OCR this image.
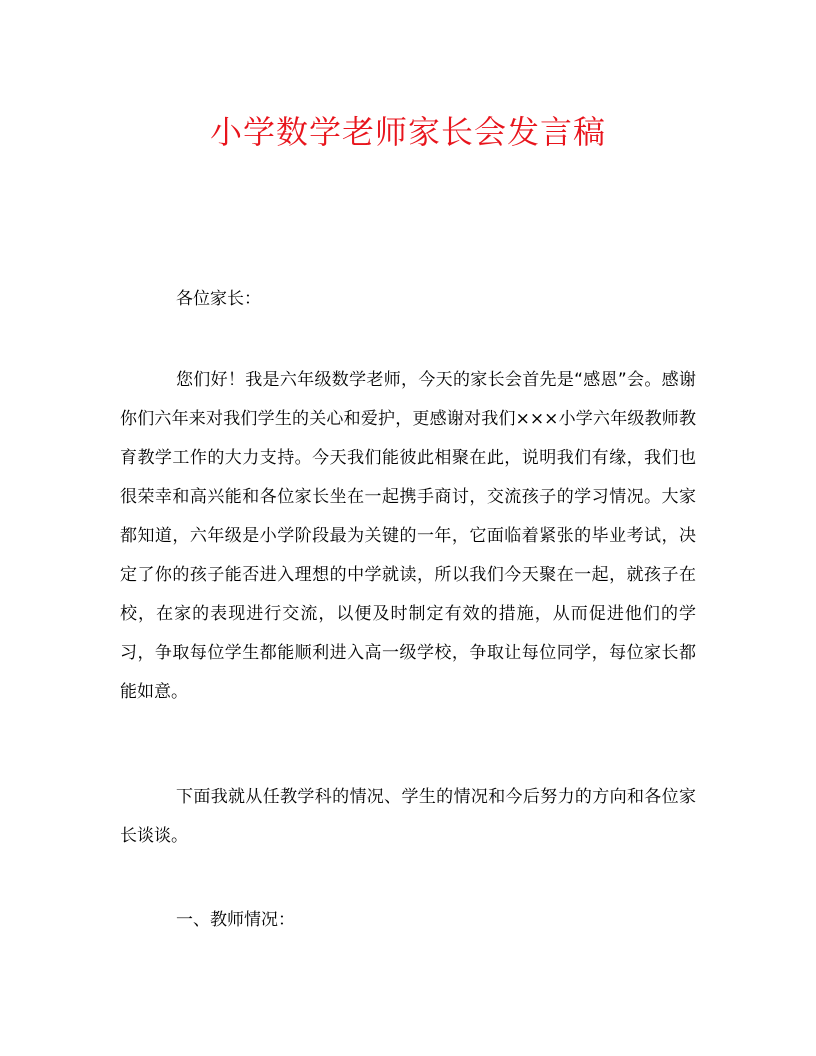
小学数学老师家长会发言稿

各位家长：

您们好！我是六年级数学老师，今天的家长会首先是“感恩”会。感谢你们六年来对我们学生的关心和爱护，更感谢对我们×××小学六年级教师教育教学工作的大力支持。今天我们能彼此相聚在此，说明我们有缘，我们也很荣幸和高兴能和各位家长坐在一起携手商讨，交流孩子的学习情况。大家都知道，六年级是小学阶段最为关键的一年，它面临着紧张的毕业考试，决定了你的孩子能否进入理想的中学就读，所以我们今天聚在一起，就孩子在校，在家的表现进行交流，以便及时制定有效的措施，从而促进他们的学习，争取每位学生都能顺利进入高一级学校，争取让每位同学，每位家长都能如意。

下面我就从任教学科的情况、学生的情况和今后努力的方向和各位家长谈谈。

一、教师情况：
